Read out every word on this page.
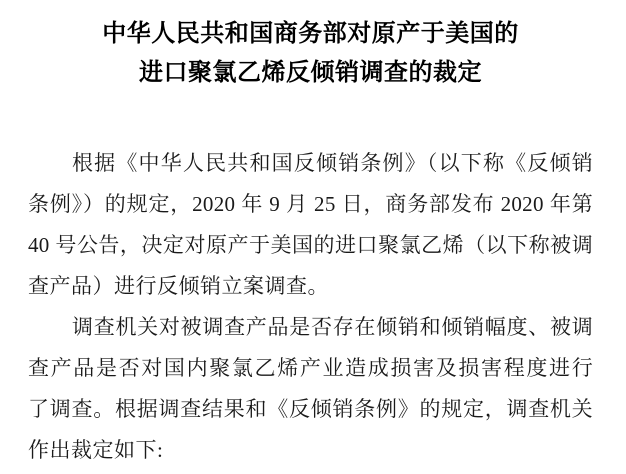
中华人民共和国商务部对原产于美国的
进口聚氯乙烯反倾销调查的裁定
根据《中华人民共和国反倾销条例》（以下称《反倾销
条例》）的规定，2020 年 9 月 25 日，商务部发布 2020 年第
40 号公告，决定对原产于美国的进口聚氯乙烯（以下称被调
查产品）进行反倾销立案调查。
调查机关对被调查产品是否存在倾销和倾销幅度、被调
查产品是否对国内聚氯乙烯产业造成损害及损害程度进行
了调查。根据调查结果和《反倾销条例》的规定，调查机关
作出裁定如下:
